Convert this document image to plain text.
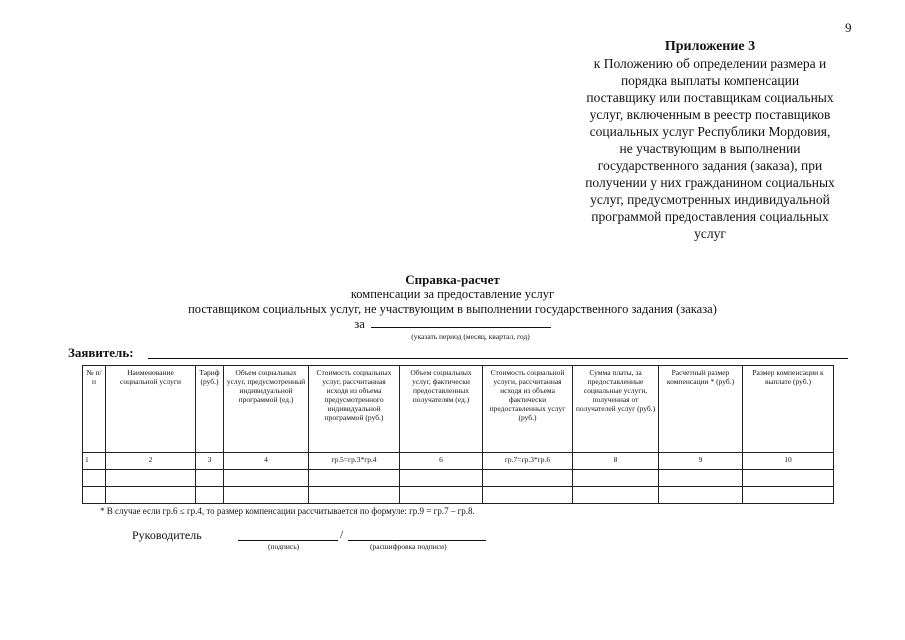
9
Приложение 3
к Положению об определении размера и
порядка выплаты компенсации
поставщику или поставщикам социальных
услуг, включенным в реестр поставщиков
социальных услуг Республики Мордовия,
не участвующим в выполнении
государственного задания (заказа), при
получении у них гражданином социальных
услуг, предусмотренных индивидуальной
программой предоставления социальных
услуг
Справка-расчет
компенсации за предоставление услуг
поставщиком социальных услуг, не участвующим в выполнении государственного задания (заказа)
за
(указать период (месяц, квартал, год)
Заявитель:
№ п/п	Наименование социальной услуги	Тариф (руб.)	Объем социальных услуг, предусмотренный индивидуальной программой (ед.)	Стоимость социальных услуг, рассчитанная исходя из объема предусмотренного индивидуальной программой (руб.)	Объем социальных услуг, фактически предоставленных получателям (ед.)	Стоимость социальной услуги, рассчитанная исходя из объема фактически предоставленных услуг (руб.)	Сумма платы, за предоставленные социальные услуги, полученная от получателей услуг (руб.)	Расчетный размер компенсации * (руб.)	Размер компенсации к выплате (руб.)
1	2	3	4	гр.5=гр.3*гр.4	6	гр.7=гр.3*гр.6	8	9	10

* В случае если гр.6 ≤ гр.4, то размер компенсации рассчитывается по формуле: гр.9 = гр.7 – гр.8.
Руководитель	/
(подпись)	(расшифровка подписи)
